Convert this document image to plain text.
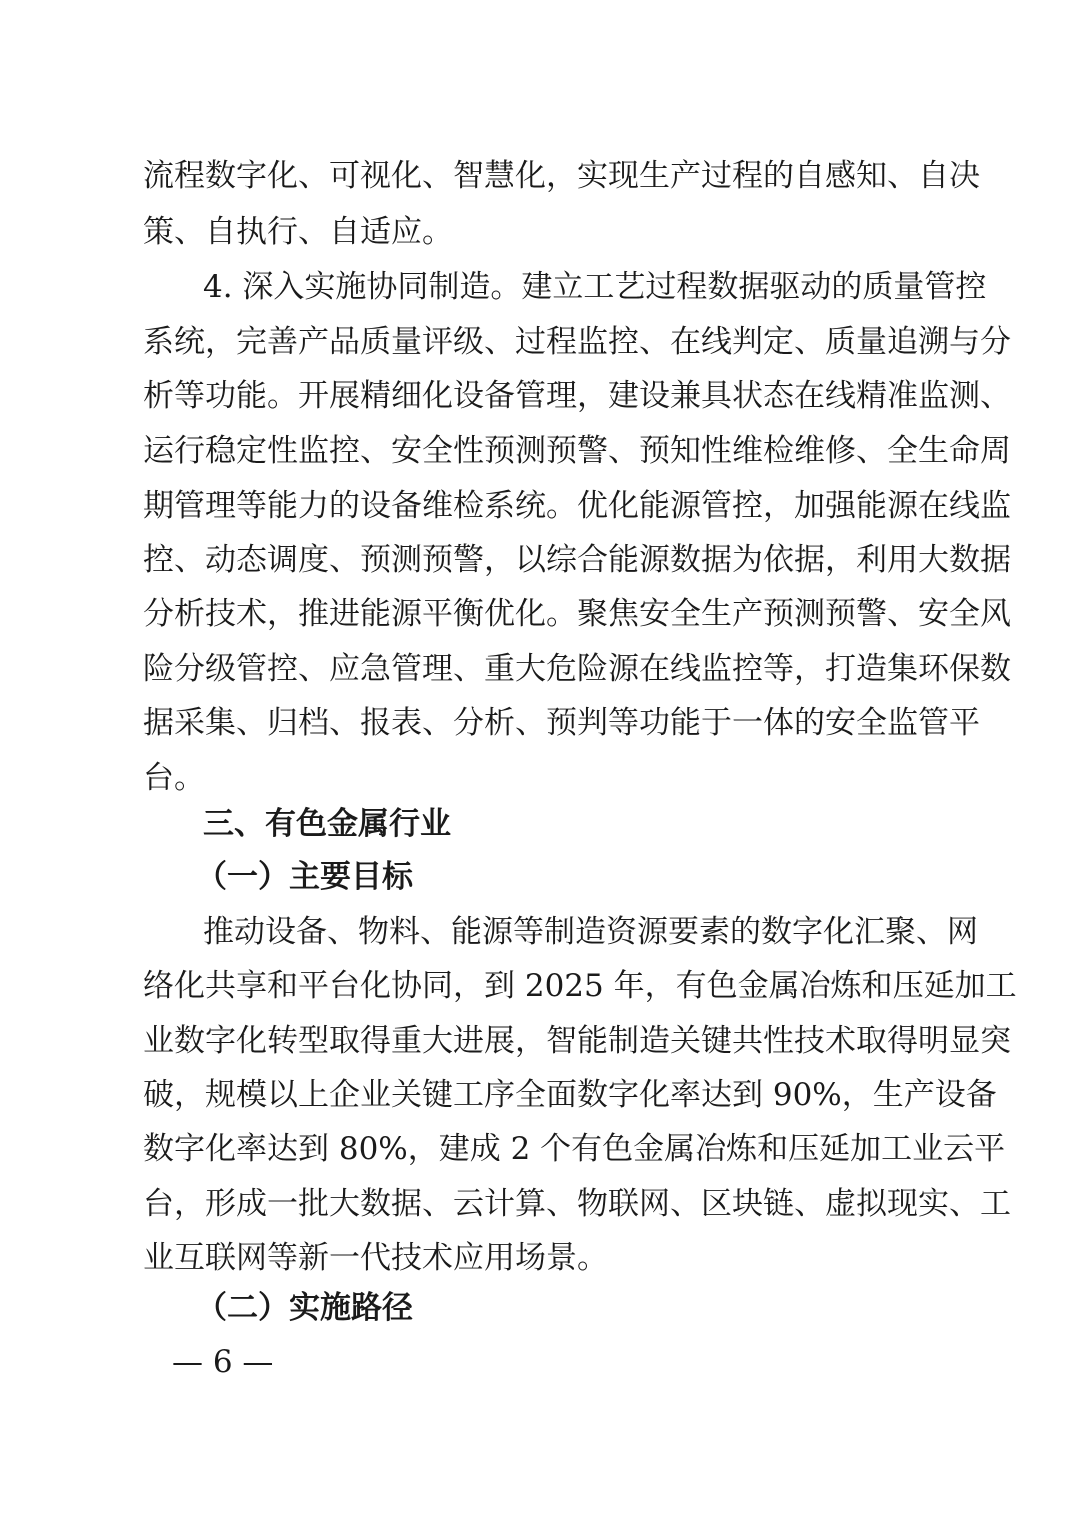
流程数字化、可视化、智慧化，实现生产过程的自感知、自决
策、自执行、自适应。
4. 深入实施协同制造。建立工艺过程数据驱动的质量管控
系统，完善产品质量评级、过程监控、在线判定、质量追溯与分
析等功能。开展精细化设备管理，建设兼具状态在线精准监测、
运行稳定性监控、安全性预测预警、预知性维检维修、全生命周
期管理等能力的设备维检系统。优化能源管控，加强能源在线监
控、动态调度、预测预警，以综合能源数据为依据，利用大数据
分析技术，推进能源平衡优化。聚焦安全生产预测预警、安全风
险分级管控、应急管理、重大危险源在线监控等，打造集环保数
据采集、归档、报表、分析、预判等功能于一体的安全监管平
台。
三、有色金属行业
（一）主要目标
推动设备、物料、能源等制造资源要素的数字化汇聚、网
络化共享和平台化协同，到 2025 年，有色金属冶炼和压延加工
业数字化转型取得重大进展，智能制造关键共性技术取得明显突
破，规模以上企业关键工序全面数字化率达到 90%，生产设备
数字化率达到 80%，建成 2 个有色金属冶炼和压延加工业云平
台，形成一批大数据、云计算、物联网、区块链、虚拟现实、工
业互联网等新一代技术应用场景。
（二）实施路径
— 6 —
